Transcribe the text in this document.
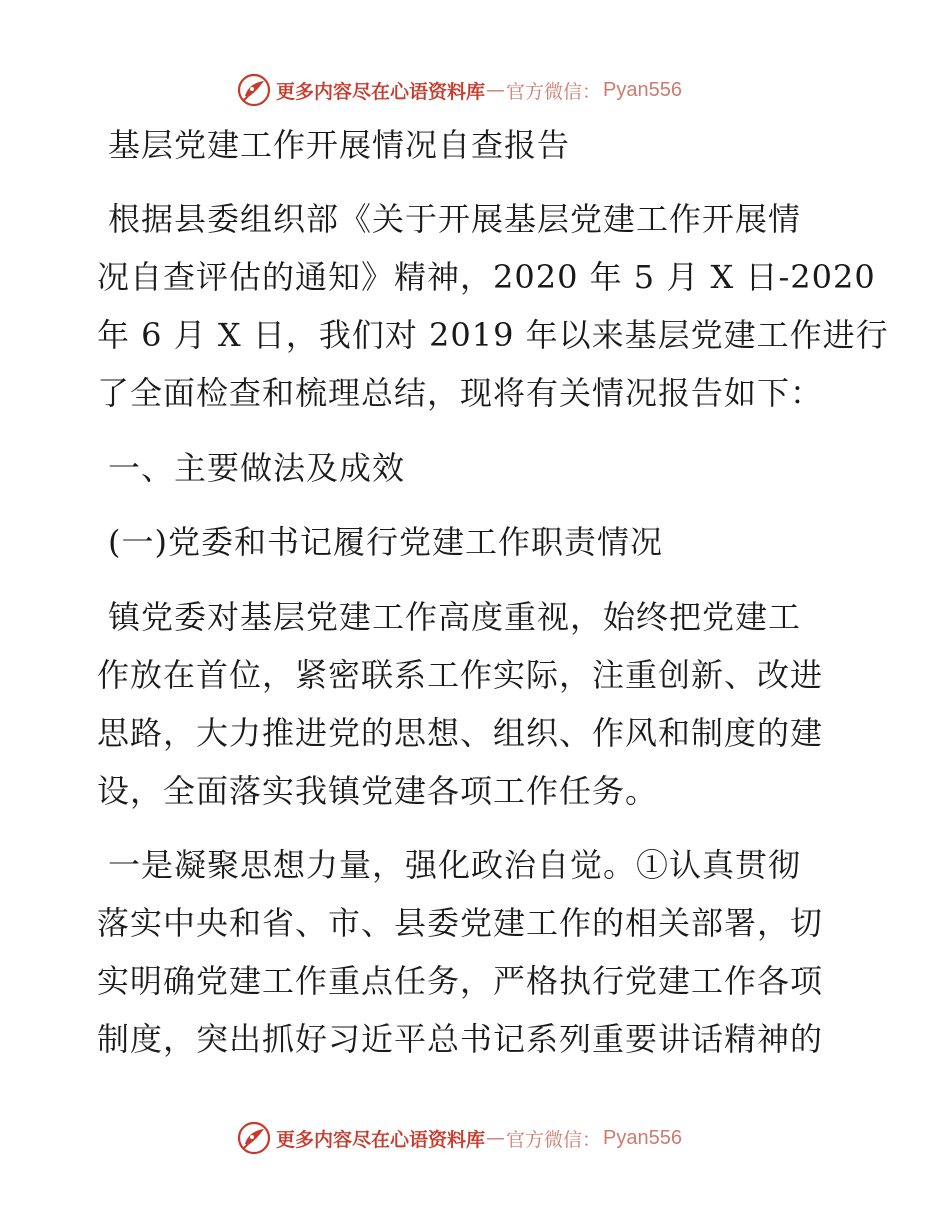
更多内容尽在心语资料库 — 官方微信： Pyan556
基层党建工作开展情况自查报告
根据县委组织部《关于开展基层党建工作开展情
况自查评估的通知》精神，2020 年 5 月 X 日-2020
年 6 月 X 日，我们对 2019 年以来基层党建工作进行
了全面检查和梳理总结，现将有关情况报告如下：
一、主要做法及成效
(一)党委和书记履行党建工作职责情况
镇党委对基层党建工作高度重视，始终把党建工
作放在首位，紧密联系工作实际，注重创新、改进
思路，大力推进党的思想、组织、作风和制度的建
设，全面落实我镇党建各项工作任务。
一是凝聚思想力量，强化政治自觉。①认真贯彻
落实中央和省、市、县委党建工作的相关部署，切
实明确党建工作重点任务，严格执行党建工作各项
制度，突出抓好习近平总书记系列重要讲话精神的
更多内容尽在心语资料库 — 官方微信： Pyan556
